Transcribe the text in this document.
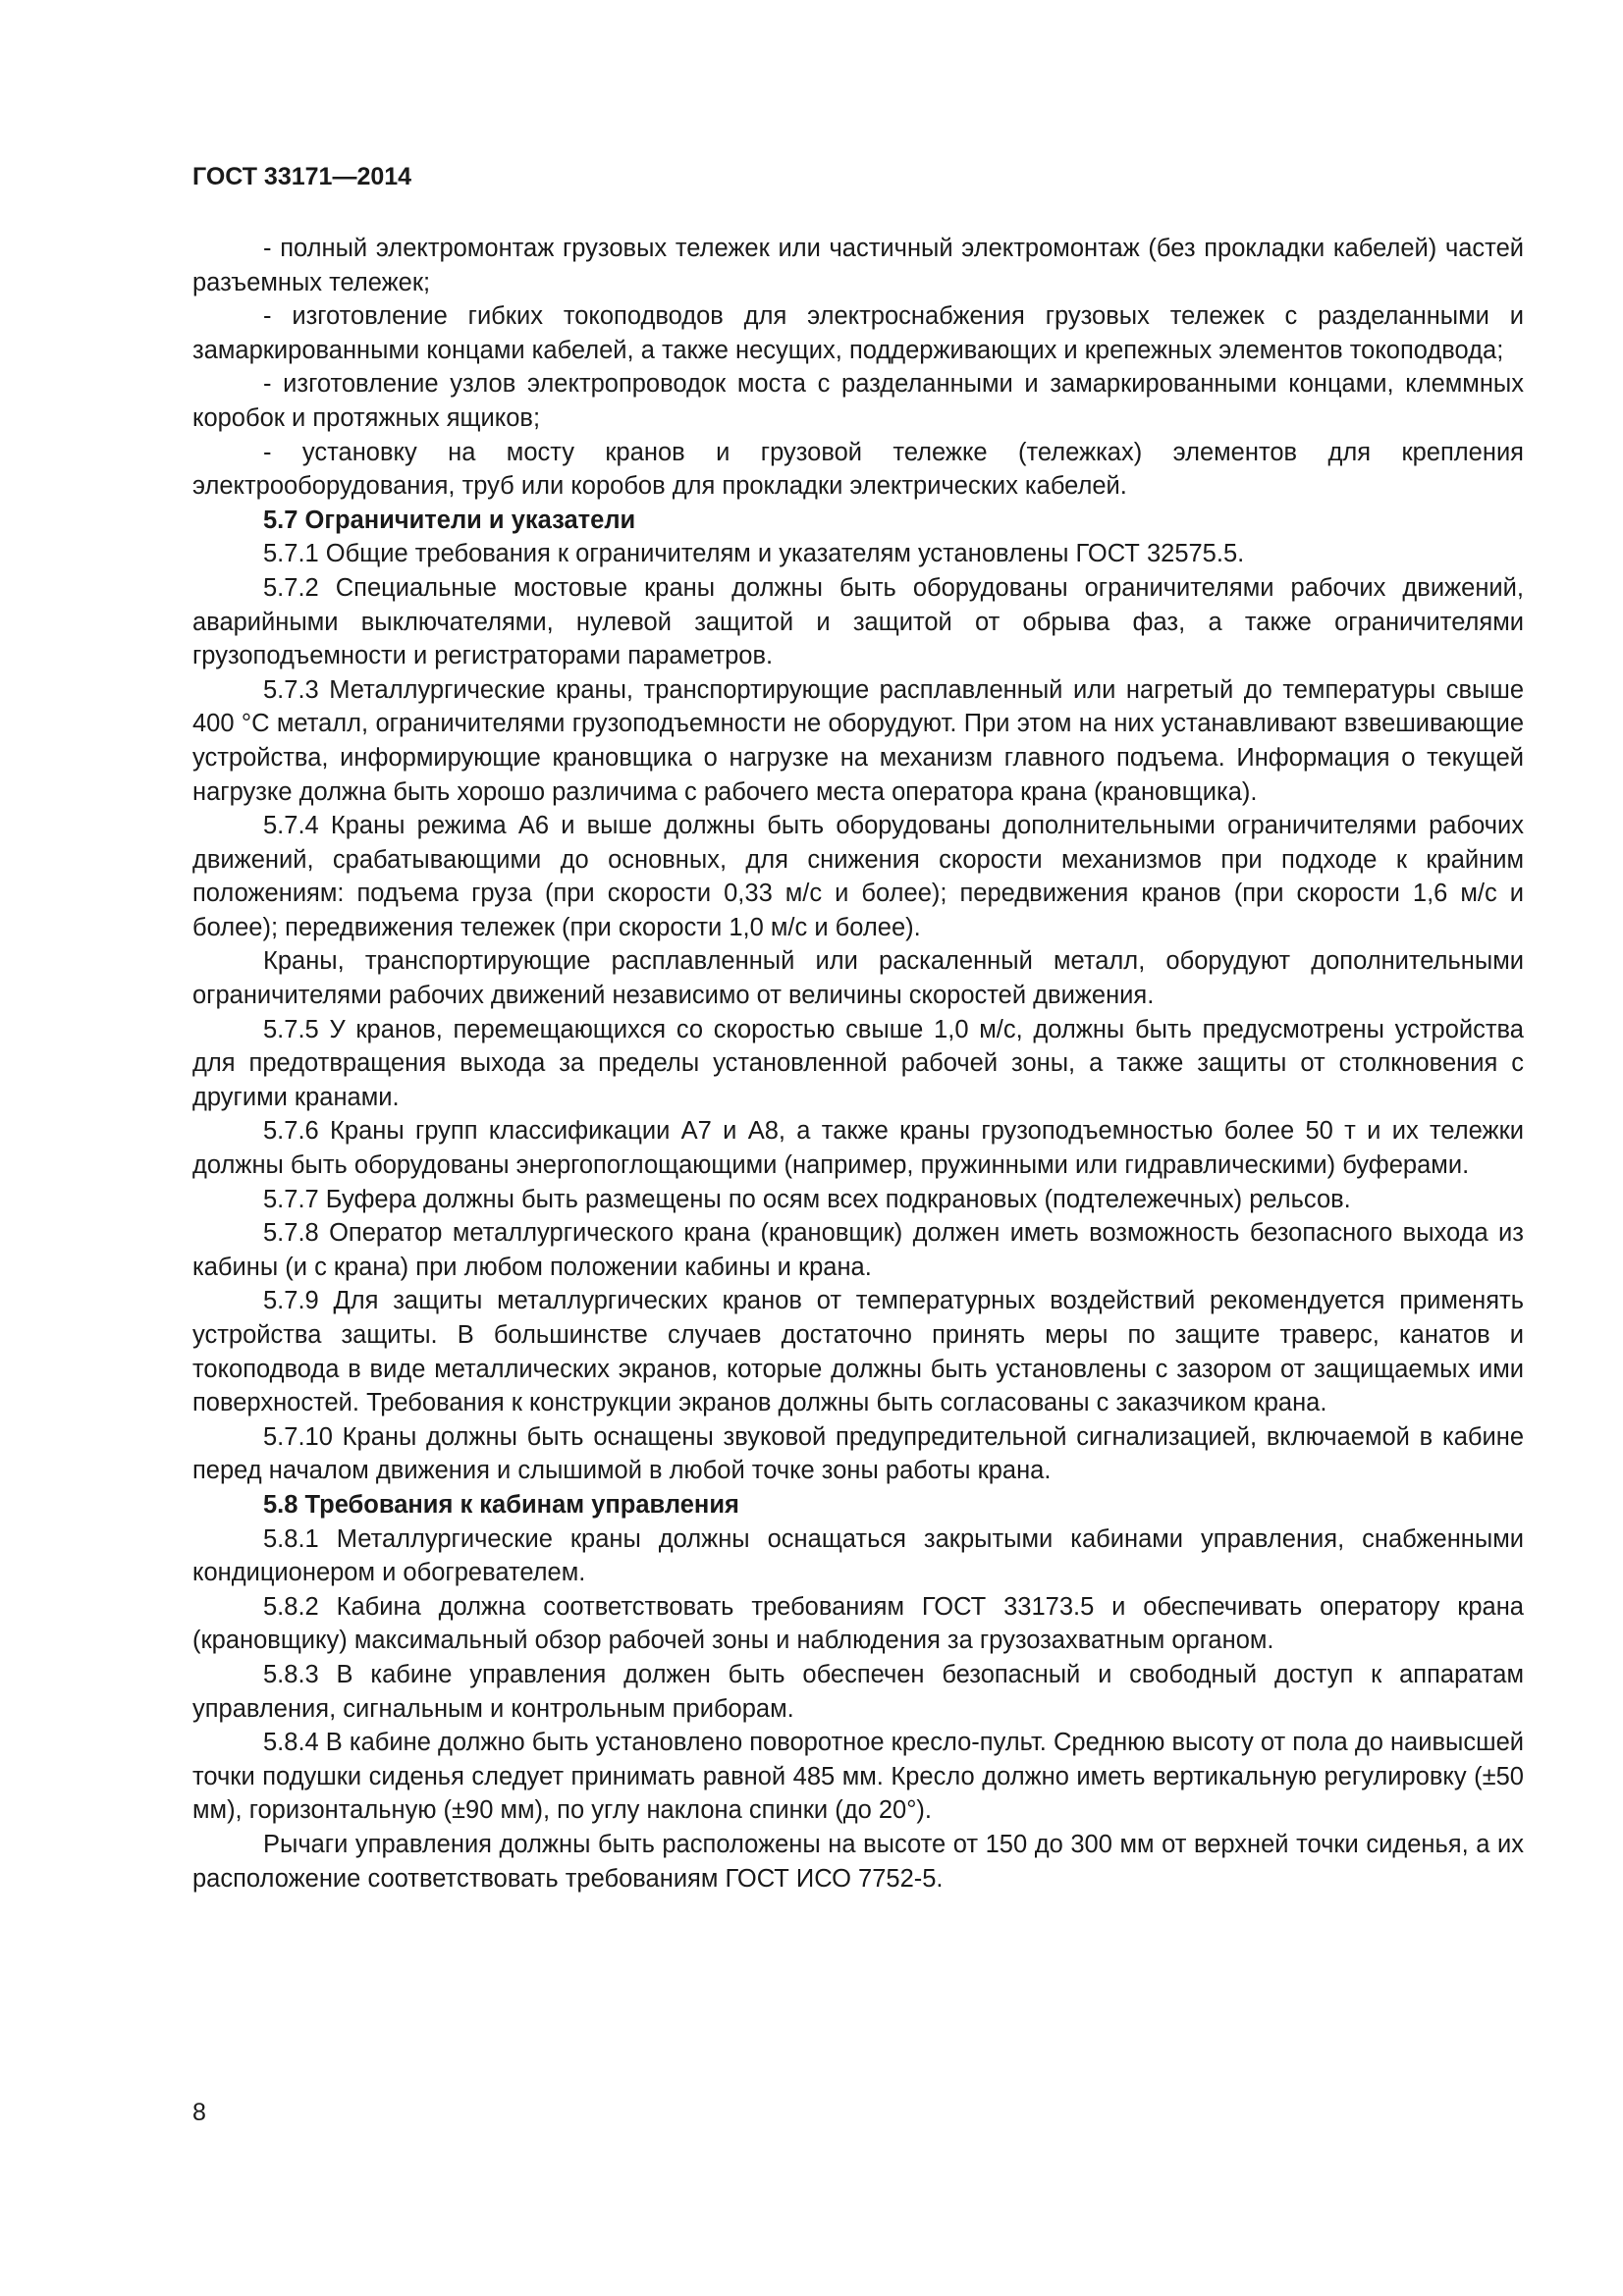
ГОСТ 33171—2014

- полный электромонтаж грузовых тележек или частичный электромонтаж (без прокладки кабелей) частей разъемных тележек;

- изготовление гибких токоподводов для электроснабжения грузовых тележек с разделанными и замаркированными концами кабелей, а также несущих, поддерживающих и крепежных элементов токоподвода;

- изготовление узлов электропроводок моста с разделанными и замаркированными концами, клеммных коробок и протяжных ящиков;

- установку на мосту кранов и грузовой тележке (тележках) элементов для крепления электрооборудования, труб или коробов для прокладки электрических кабелей.

5.7 Ограничители и указатели

5.7.1 Общие требования к ограничителям и указателям установлены ГОСТ 32575.5.

5.7.2 Специальные мостовые краны должны быть оборудованы ограничителями рабочих движений, аварийными выключателями, нулевой защитой и защитой от обрыва фаз, а также ограничителями грузоподъемности и регистраторами параметров.

5.7.3 Металлургические краны, транспортирующие расплавленный или нагретый до температуры свыше 400 °С металл, ограничителями грузоподъемности не оборудуют. При этом на них устанавливают взвешивающие устройства, информирующие крановщика о нагрузке на механизм главного подъема. Информация о текущей нагрузке должна быть хорошо различима с рабочего места оператора крана (крановщика).

5.7.4 Краны режима А6 и выше должны быть оборудованы дополнительными ограничителями рабочих движений, срабатывающими до основных, для снижения скорости механизмов при подходе к крайним положениям: подъема груза (при скорости 0,33 м/с и более); передвижения кранов (при скорости 1,6 м/с и более); передвижения тележек (при скорости 1,0 м/с и более).

Краны, транспортирующие расплавленный или раскаленный металл, оборудуют дополнительными ограничителями рабочих движений независимо от величины скоростей движения.

5.7.5 У кранов, перемещающихся со скоростью свыше 1,0 м/с, должны быть предусмотрены устройства для предотвращения выхода за пределы установленной рабочей зоны, а также защиты от столкновения с другими кранами.

5.7.6 Краны групп классификации А7 и А8, а также краны грузоподъемностью более 50 т и их тележки должны быть оборудованы энергопоглощающими (например, пружинными или гидравлическими) буферами.

5.7.7 Буфера должны быть размещены по осям всех подкрановых (подтележечных) рельсов.

5.7.8 Оператор металлургического крана (крановщик) должен иметь возможность безопасного выхода из кабины (и с крана) при любом положении кабины и крана.

5.7.9 Для защиты металлургических кранов от температурных воздействий рекомендуется применять устройства защиты. В большинстве случаев достаточно принять меры по защите траверс, канатов и токоподвода в виде металлических экранов, которые должны быть установлены с зазором от защищаемых ими поверхностей. Требования к конструкции экранов должны быть согласованы с заказчиком крана.

5.7.10 Краны должны быть оснащены звуковой предупредительной сигнализацией, включаемой в кабине перед началом движения и слышимой в любой точке зоны работы крана.

5.8 Требования к кабинам управления

5.8.1 Металлургические краны должны оснащаться закрытыми кабинами управления, снабженными кондиционером и обогревателем.

5.8.2 Кабина должна соответствовать требованиям ГОСТ 33173.5 и обеспечивать оператору крана (крановщику) максимальный обзор рабочей зоны и наблюдения за грузозахватным органом.

5.8.3 В кабине управления должен быть обеспечен безопасный и свободный доступ к аппаратам управления, сигнальным и контрольным приборам.

5.8.4 В кабине должно быть установлено поворотное кресло-пульт. Среднюю высоту от пола до наивысшей точки подушки сиденья следует принимать равной 485 мм. Кресло должно иметь вертикальную регулировку (±50 мм), горизонтальную (±90 мм), по углу наклона спинки (до 20°).

Рычаги управления должны быть расположены на высоте от 150 до 300 мм от верхней точки сиденья, а их расположение соответствовать требованиям ГОСТ ИСО 7752-5.

8
